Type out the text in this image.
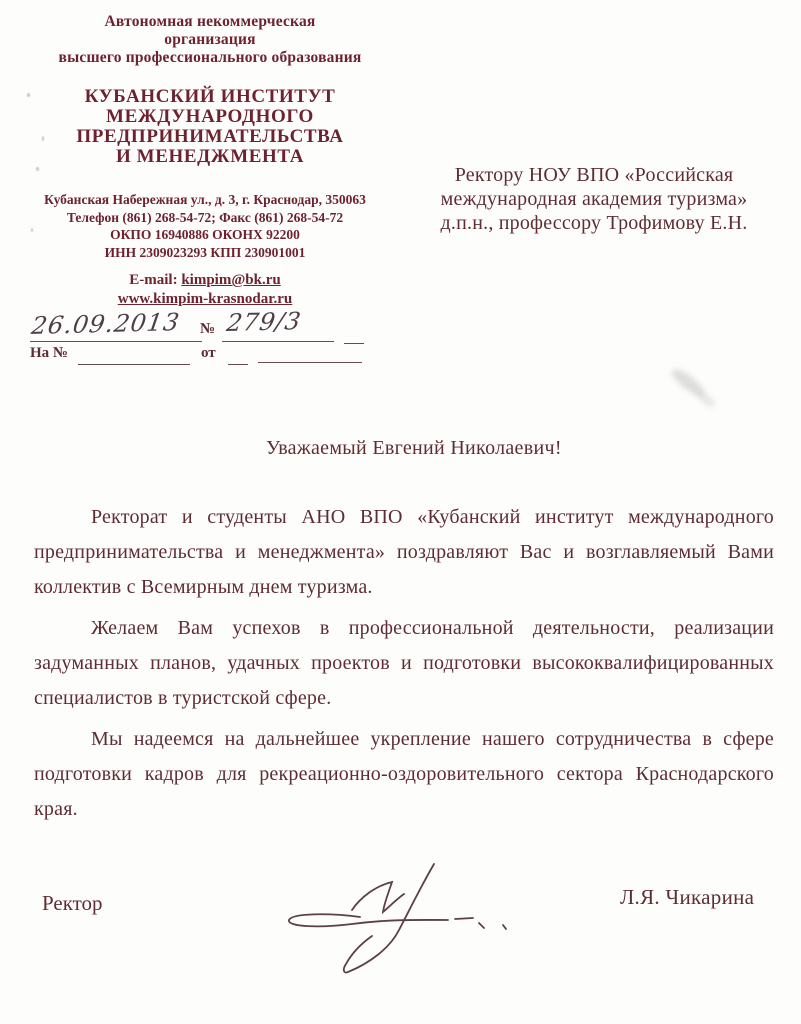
Автономная некоммерческая
организация
высшего профессионального образования
КУБАНСКИЙ ИНСТИТУТ
МЕЖДУНАРОДНОГО
ПРЕДПРИНИМАТЕЛЬСТВА
И МЕНЕДЖМЕНТА
Кубанская Набережная ул., д. 3, г. Краснодар, 350063
Телефон (861) 268-54-72; Факс (861) 268-54-72
ОКПО 16940886 ОКОНХ 92200
ИНН 2309023293 КПП 230901001
E-mail: kimpim@bk.ru
www.kimpim-krasnodar.ru
26.09.2013 № 279/3
На №	от
Ректору НОУ ВПО «Российская
международная академия туризма»
д.п.н., профессору Трофимову Е.Н.
Уважаемый Евгений Николаевич!

Ректорат и студенты АНО ВПО «Кубанский институт международного предпринимательства и менеджмента» поздравляют Вас и возглавляемый Вами коллектив с Всемирным днем туризма.

Желаем Вам успехов в профессиональной деятельности, реализации задуманных планов, удачных проектов и подготовки высококвалифицированных специалистов в туристской сфере.

Мы надеемся на дальнейшее укрепление нашего сотрудничества в сфере подготовки кадров для рекреационно-оздоровительного сектора Краснодарского края.

Ректор	Л.Я. Чикарина
